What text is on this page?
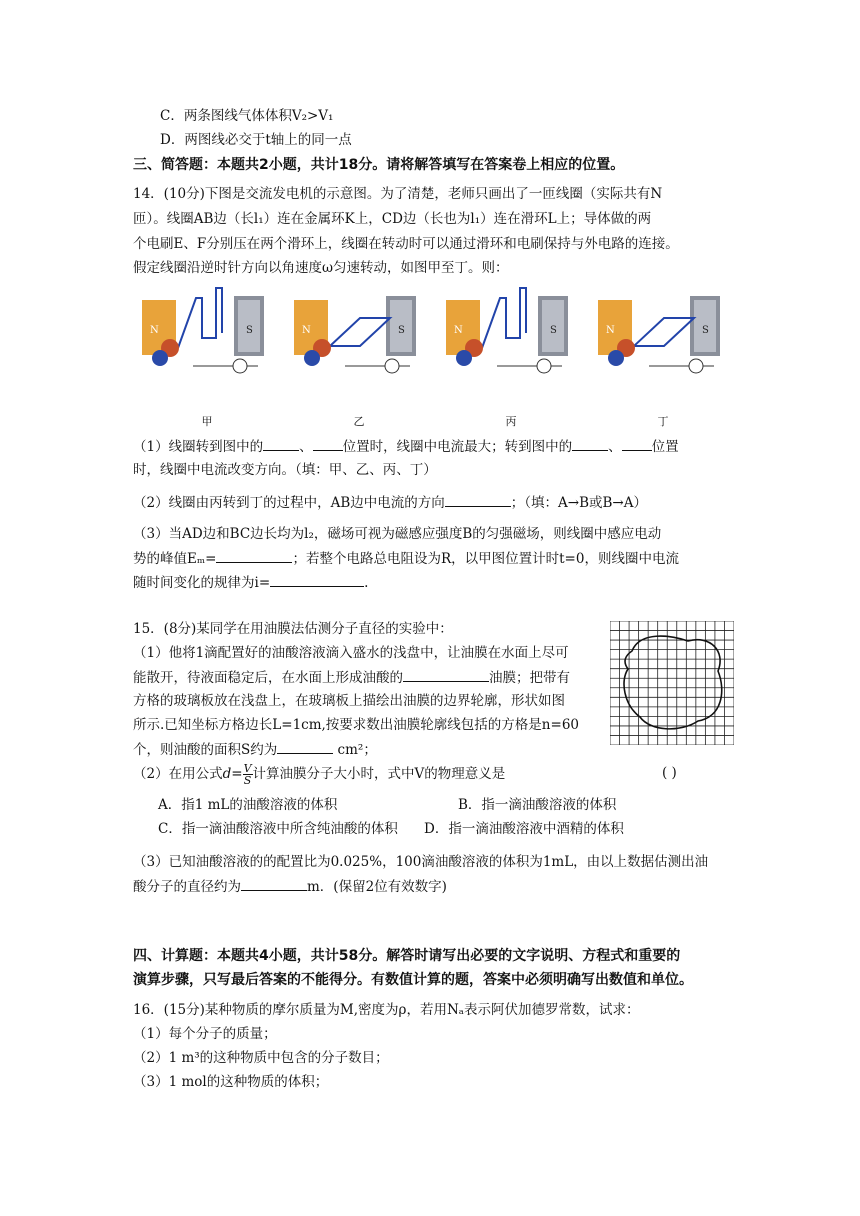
C．两条图线气体体积V₂>V₁
D．两图线必交于t轴上的同一点
三、简答题：本题共2小题，共计18分。请将解答填写在答案卷上相应的位置。
14．(10分)下图是交流发电机的示意图。为了清楚，老师只画出了一匝线圈（实际共有N
匝）。线圈AB边（长l₁）连在金属环K上，CD边（长也为l₁）连在滑环L上；导体做的两
个电刷E、F分别压在两个滑环上，线圈在转动时可以通过滑环和电刷保持与外电路的连接。
假定线圈沿逆时针方向以角速度ω匀速转动，如图甲至丁。则：
N	S	N	S	N	S	N	S
甲	乙	丙	丁
（1）线圈转到图中的	、 位置时，线圈中电流最大；转到图中的	、 位置
时，线圈中电流改变方向。（填：甲、乙、丙、丁）
（2）线圈由丙转到丁的过程中，AB边中电流的方向	；（填：A→B或B→A）
（3）当AD边和BC边长均为l₂，磁场可视为磁感应强度B的匀强磁场，则线圈中感应电动
势的峰值Eₘ=	；若整个电路总电阻设为R，以甲图位置计时t=0，则线圈中电流
随时间变化的规律为i=	.
15．(8分)某同学在用油膜法估测分子直径的实验中：
（1）他将1滴配置好的油酸溶液滴入盛水的浅盘中，让油膜在水面上尽可
能散开，待液面稳定后，在水面上形成油酸的	油膜；把带有
方格的玻璃板放在浅盘上，在玻璃板上描绘出油膜的边界轮廓，形状如图
所示.已知坐标方格边长L=1cm,按要求数出油膜轮廓线包括的方格是n=60
个，则油酸的面积S约为	cm²；
（2）在用公式$d= \frac{V}{S}$ 计算油膜分子大小时，式中V的物理意义是	( )
A．指1 mL的油酸溶液的体积	B．指一滴油酸溶液的体积
C．指一滴油酸溶液中所含纯油酸的体积 D．指一滴油酸溶液中酒精的体积
（3）已知油酸溶液的的配置比为0.025%，100滴油酸溶液的体积为1mL，由以上数据估测出油
酸分子的直径约为	m．(保留2位有效数字)
四、计算题：本题共4小题，共计58分。解答时请写出必要的文字说明、方程式和重要的
演算步骤，只写最后答案的不能得分。有数值计算的题，答案中必须明确写出数值和单位。
16．(15分)某种物质的摩尔质量为M,密度为ρ，若用Nₐ表示阿伏加德罗常数，试求：
（1）每个分子的质量；
（2）1 m³的这种物质中包含的分子数目；
（3）1 mol的这种物质的体积；
